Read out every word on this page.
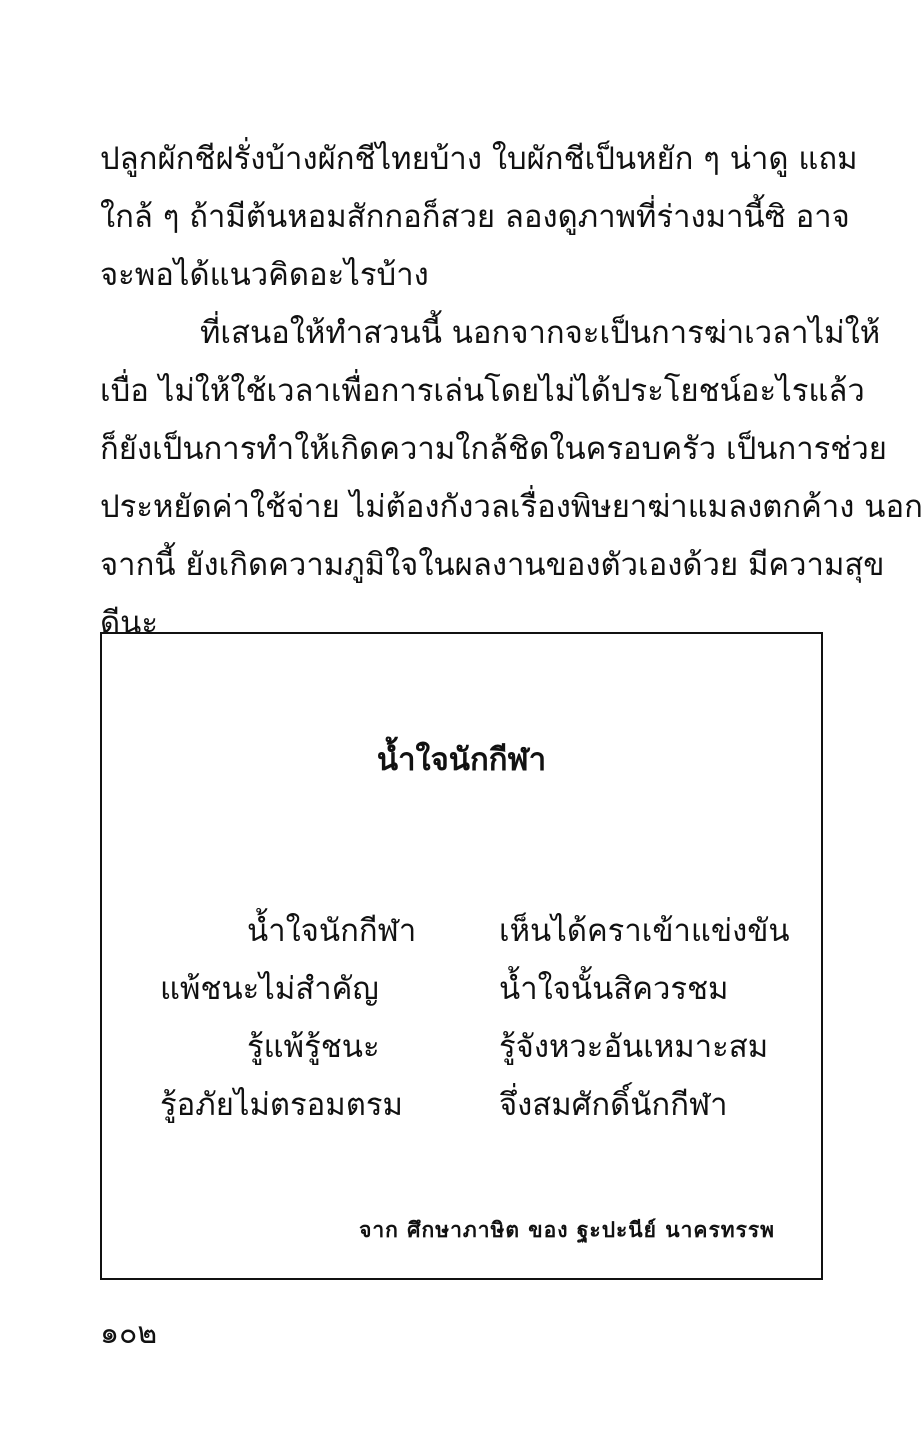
ปลูกผักชีฝรั่งบ้างผักชีไทยบ้าง ใบผักชีเป็นหยัก ๆ น่าดู แถม
ใกล้ ๆ ถ้ามีต้นหอมสักกอก็สวย ลองดูภาพที่ร่างมานี้ซิ อาจ
จะพอได้แนวคิดอะไรบ้าง
ที่เสนอให้ทำสวนนี้ นอกจากจะเป็นการฆ่าเวลาไม่ให้
เบื่อ ไม่ให้ใช้เวลาเพื่อการเล่นโดยไม่ได้ประโยชน์อะไรแล้ว
ก็ยังเป็นการทำให้เกิดความใกล้ชิดในครอบครัว เป็นการช่วย
ประหยัดค่าใช้จ่าย ไม่ต้องกังวลเรื่องพิษยาฆ่าแมลงตกค้าง นอก
จากนี้ ยังเกิดความภูมิใจในผลงานของตัวเองด้วย มีความสุข
ดีนะ
น้ำใจนักกีฬา
น้ำใจนักกีฬา	เห็นได้คราเข้าแข่งขัน
แพ้ชนะไม่สำคัญ	น้ำใจนั้นสิควรชม
รู้แพ้รู้ชนะ	รู้จังหวะอันเหมาะสม
รู้อภัยไม่ตรอมตรม	จึ่งสมศักดิ์นักกีฬา
จาก ศึกษาภาษิต ของ ฐะปะนีย์ นาครทรรพ
๑๐๒
